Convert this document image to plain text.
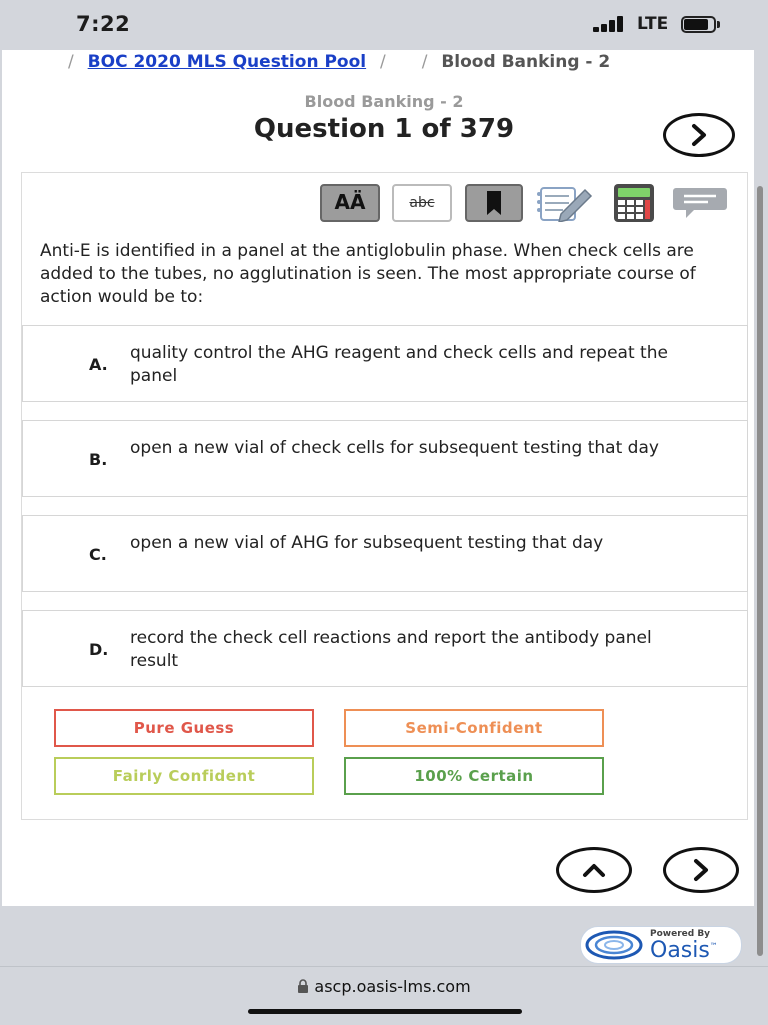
7:22	LTE
/ BOC 2020 MLS Question Pool / / Blood Banking - 2
Blood Banking - 2
Question 1 of 379
AÄ	abc
Anti-E is identified in a panel at the antiglobulin phase. When check cells are added to the tubes, no agglutination is seen. The most appropriate course of action would be to:
A.
quality control the AHG reagent and check cells and repeat the panel
B.
open a new vial of check cells for subsequent testing that day
C.
open a new vial of AHG for subsequent testing that day
D.
record the check cell reactions and report the antibody panel result
Pure Guess	Semi-Confident
Fairly Confident	100% Certain
Powered By
Oasis™
ascp.oasis-lms.com
